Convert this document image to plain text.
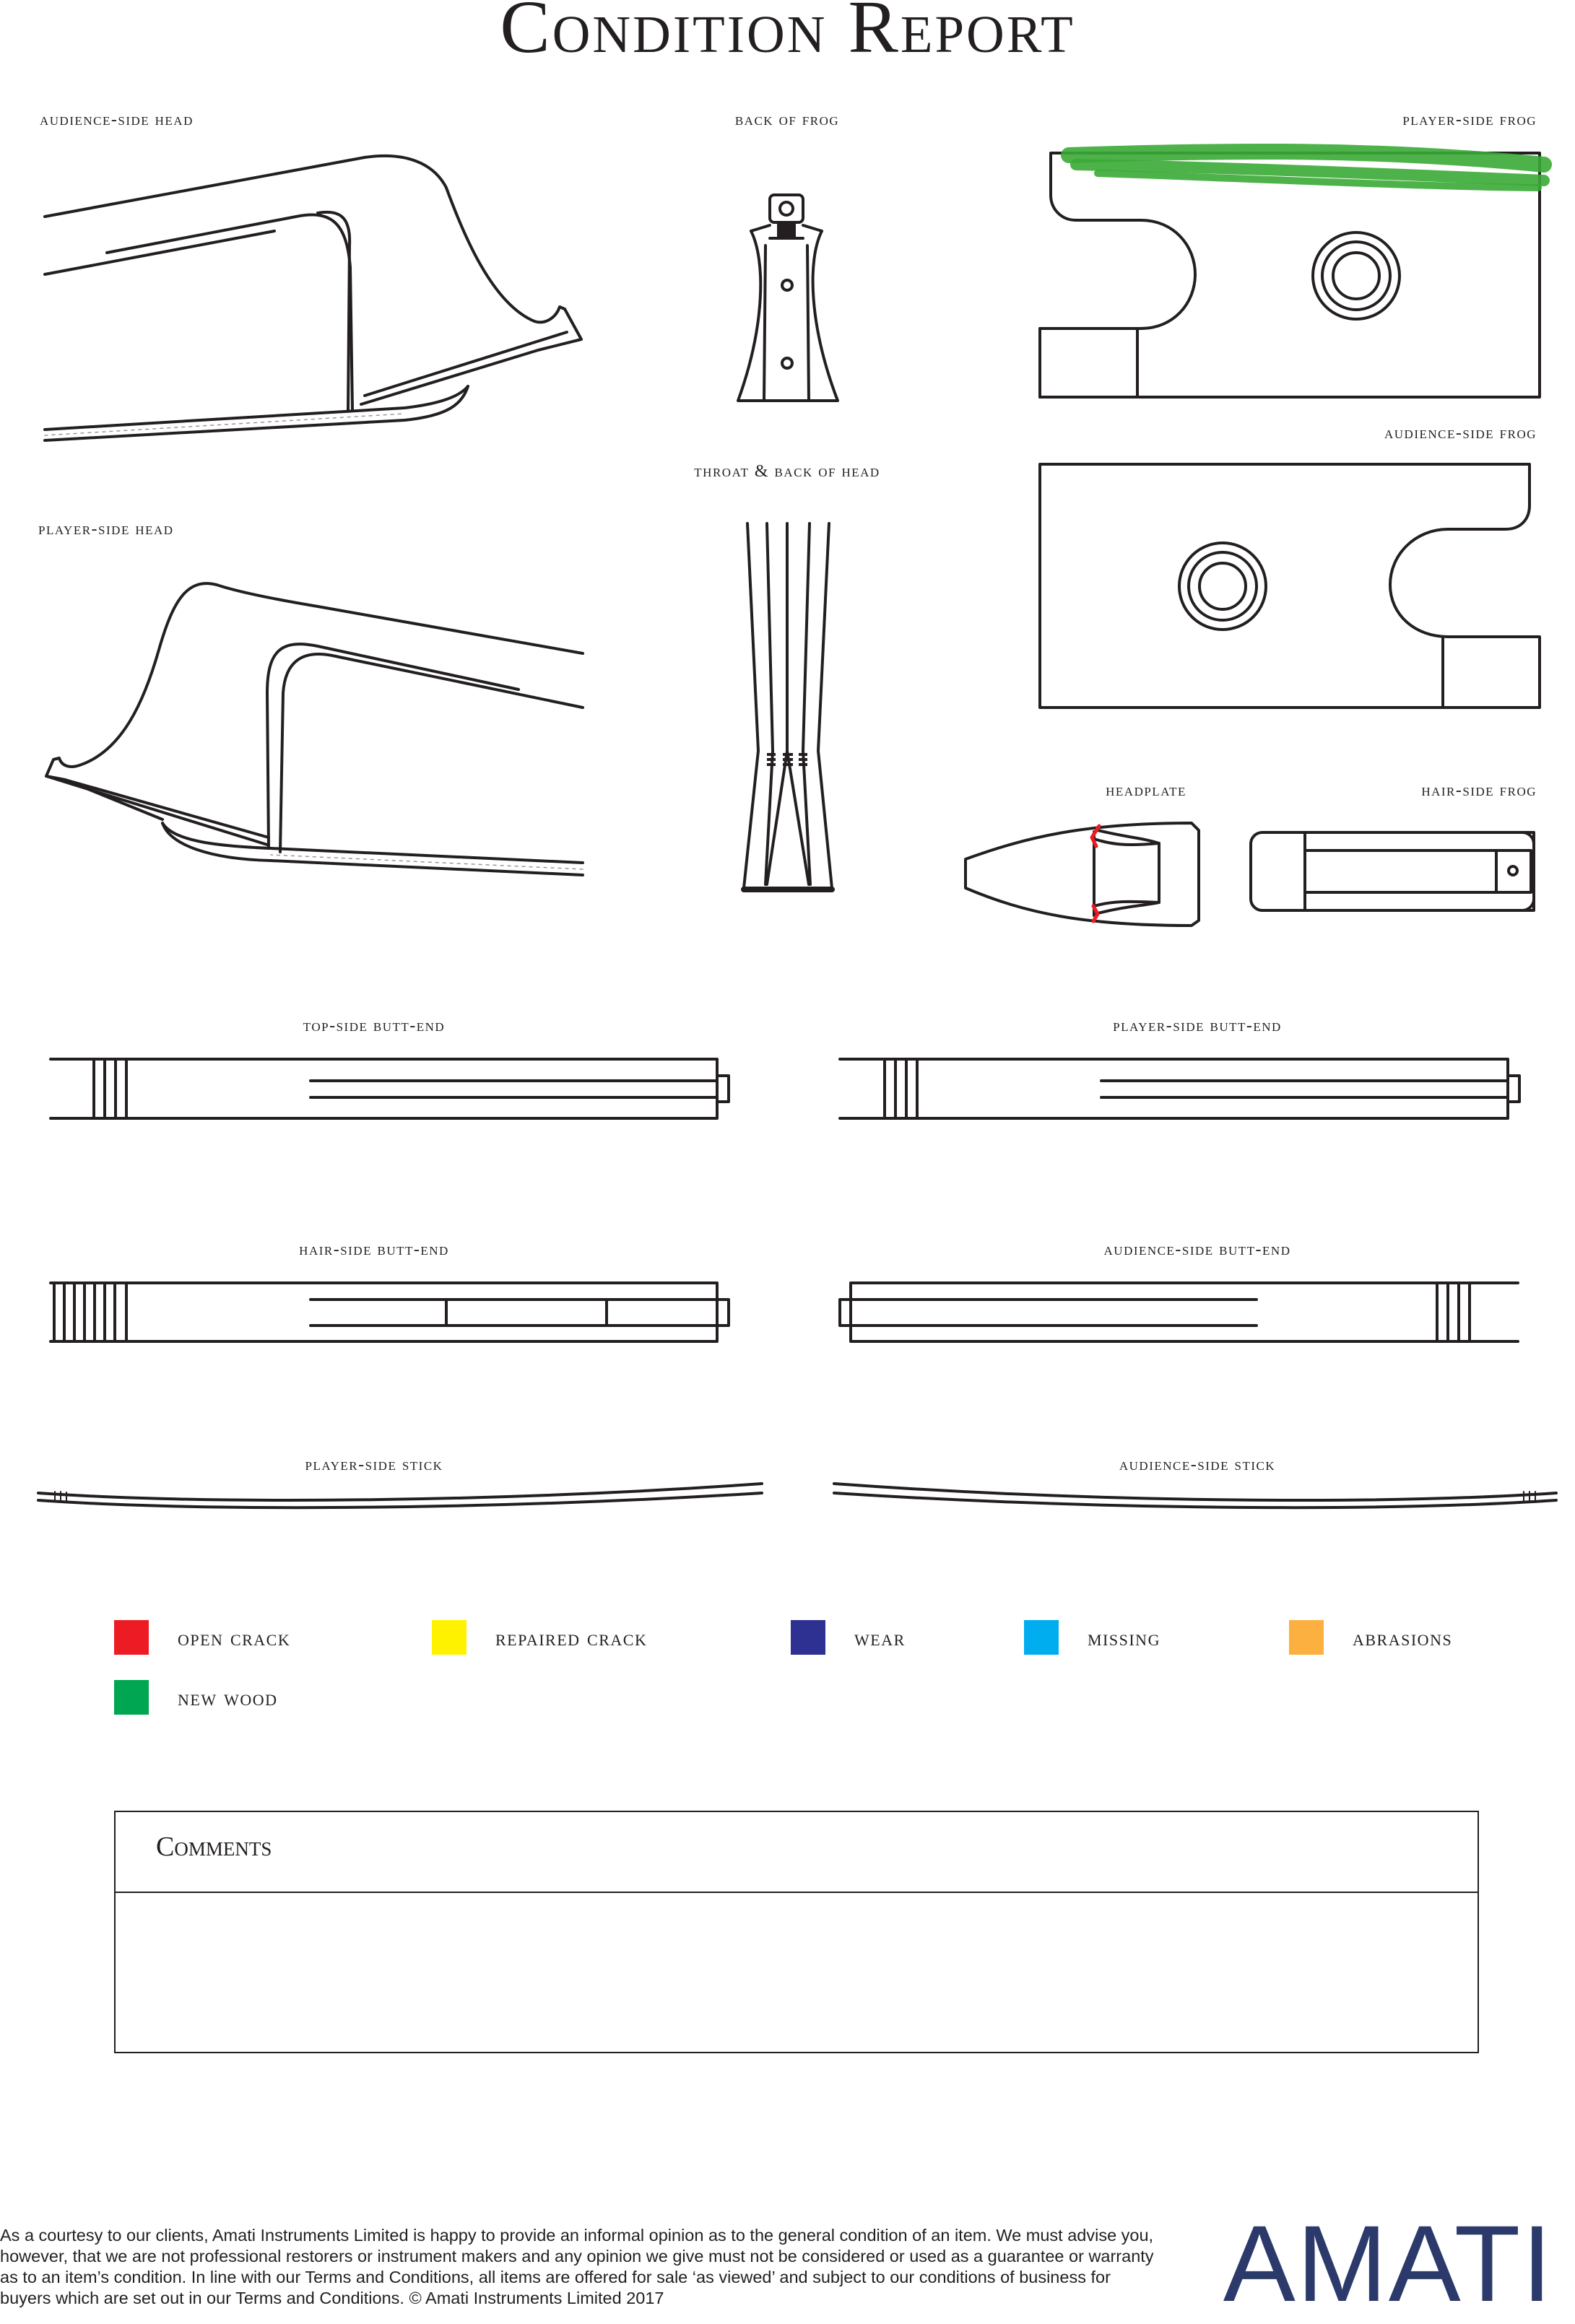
Condition Report
audience-side head	back of frog	player-side frog
audience-side frog
throat & back of head
player-side head
headplate	hair-side frog
top-side butt-end	player-side butt-end
hair-side butt-end	audience-side butt-end
player-side stick	audience-side stick
open crack	repaired crack	wear	missing	abrasions
new wood
Comments
As a courtesy to our clients, Amati Instruments Limited is happy to provide an informal opinion as to the general condition of an item. We must advise you, however, that we are not professional restorers or instrument makers and any opinion we give must not be considered or used as a guarantee or warranty as to an item’s condition. In line with our Terms and Conditions, all items are offered for sale ‘as viewed’ and subject to our conditions of business for buyers which are set out in our Terms and Conditions. © Amati Instruments Limited 2017	AMATI
